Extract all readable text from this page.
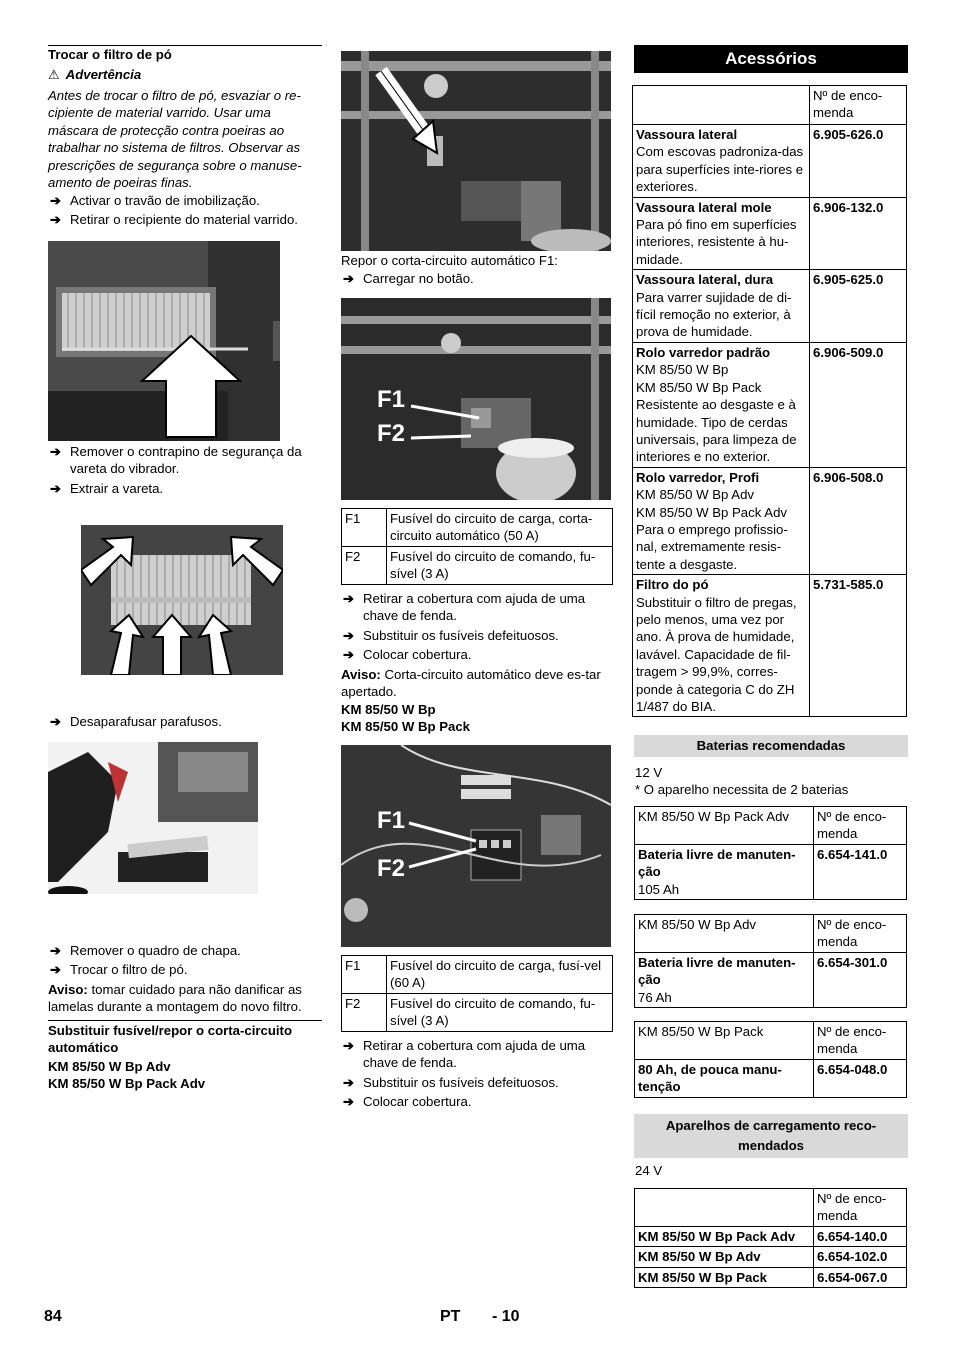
Trocar o filtro de pó
⚠ Advertência
Antes de trocar o filtro de pó, esvaziar o re-cipiente de material varrido. Usar uma máscara de protecção contra poeiras ao trabalhar no sistema de filtros. Observar as prescrições de segurança sobre o manuse-amento de poeiras finas.
➔ Activar o travão de imobilização.
➔ Retirar o recipiente do material varrido.
➔ Remover o contrapino de segurança da vareta do vibrador.
➔ Extrair a vareta.
➔ Desaparafusar parafusos.
➔ Remover o quadro de chapa.
➔ Trocar o filtro de pó.
Aviso: tomar cuidado para não danificar as lamelas durante a montagem do novo filtro.
Substituir fusível/repor o corta-circuito automático
KM 85/50 W Bp Adv
KM 85/50 W Bp Pack Adv
Repor o corta-circuito automático F1:
➔ Carregar no botão.
F1
F2
F1	Fusível do circuito de carga, corta-circuito automático (50 A)
F2	Fusível do circuito de comando, fu-sível (3 A)
➔ Retirar a cobertura com ajuda de uma chave de fenda.
➔ Substituir os fusíveis defeituosos.
➔ Colocar cobertura.
Aviso: Corta-circuito automático deve es-tar apertado.
KM 85/50 W Bp
KM 85/50 W Bp Pack
F1
F2
F1	Fusível do circuito de carga, fusí-vel (60 A)
F2	Fusível do circuito de comando, fu-sível (3 A)
➔ Retirar a cobertura com ajuda de uma chave de fenda.
➔ Substituir os fusíveis defeituosos.
➔ Colocar cobertura.
Acessórios
	Nº de enco-menda

Vassoura lateral
Com escovas padroniza-das para superfícies inte-riores e exteriores.	6.905-626.0

Vassoura lateral mole
Para pó fino em superfícies interiores, resistente à hu-midade.	6.906-132.0

Vassoura lateral, dura
Para varrer sujidade de di-fícil remoção no exterior, à prova de humidade.	6.905-625.0

Rolo varredor padrão
KM 85/50 W Bp
KM 85/50 W Bp Pack
Resistente ao desgaste e à humidade. Tipo de cerdas universais, para limpeza de interiores e no exterior.	6.906-509.0

Rolo varredor, Profi
KM 85/50 W Bp Adv
KM 85/50 W Bp Pack Adv
Para o emprego profissio-nal, extremamente resis-tente a desgaste.	6.906-508.0

Filtro do pó
Substituir o filtro de pregas, pelo menos, uma vez por ano. À prova de humidade, lavável. Capacidade de fil-tragem > 99,9%, corres-ponde à categoria C do ZH 1/487 do BIA.	5.731-585.0
Baterias recomendadas
12 V
* O aparelho necessita de 2 baterias
KM 85/50 W Bp Pack Adv	Nº de enco-menda

Bateria livre de manuten-ção
105 Ah	6.654-141.0
KM 85/50 W Bp Adv	Nº de enco-menda

Bateria livre de manuten-ção
76 Ah	6.654-301.0
KM 85/50 W Bp Pack	Nº de enco-menda

80 Ah, de pouca manu-tenção	6.654-048.0
Aparelhos de carregamento reco-mendados
24 V
	Nº de enco-menda
KM 85/50 W Bp Pack Adv	6.654-140.0
KM 85/50 W Bp Adv	6.654-102.0
KM 85/50 W Bp Pack	6.654-067.0
84	PT - 10
